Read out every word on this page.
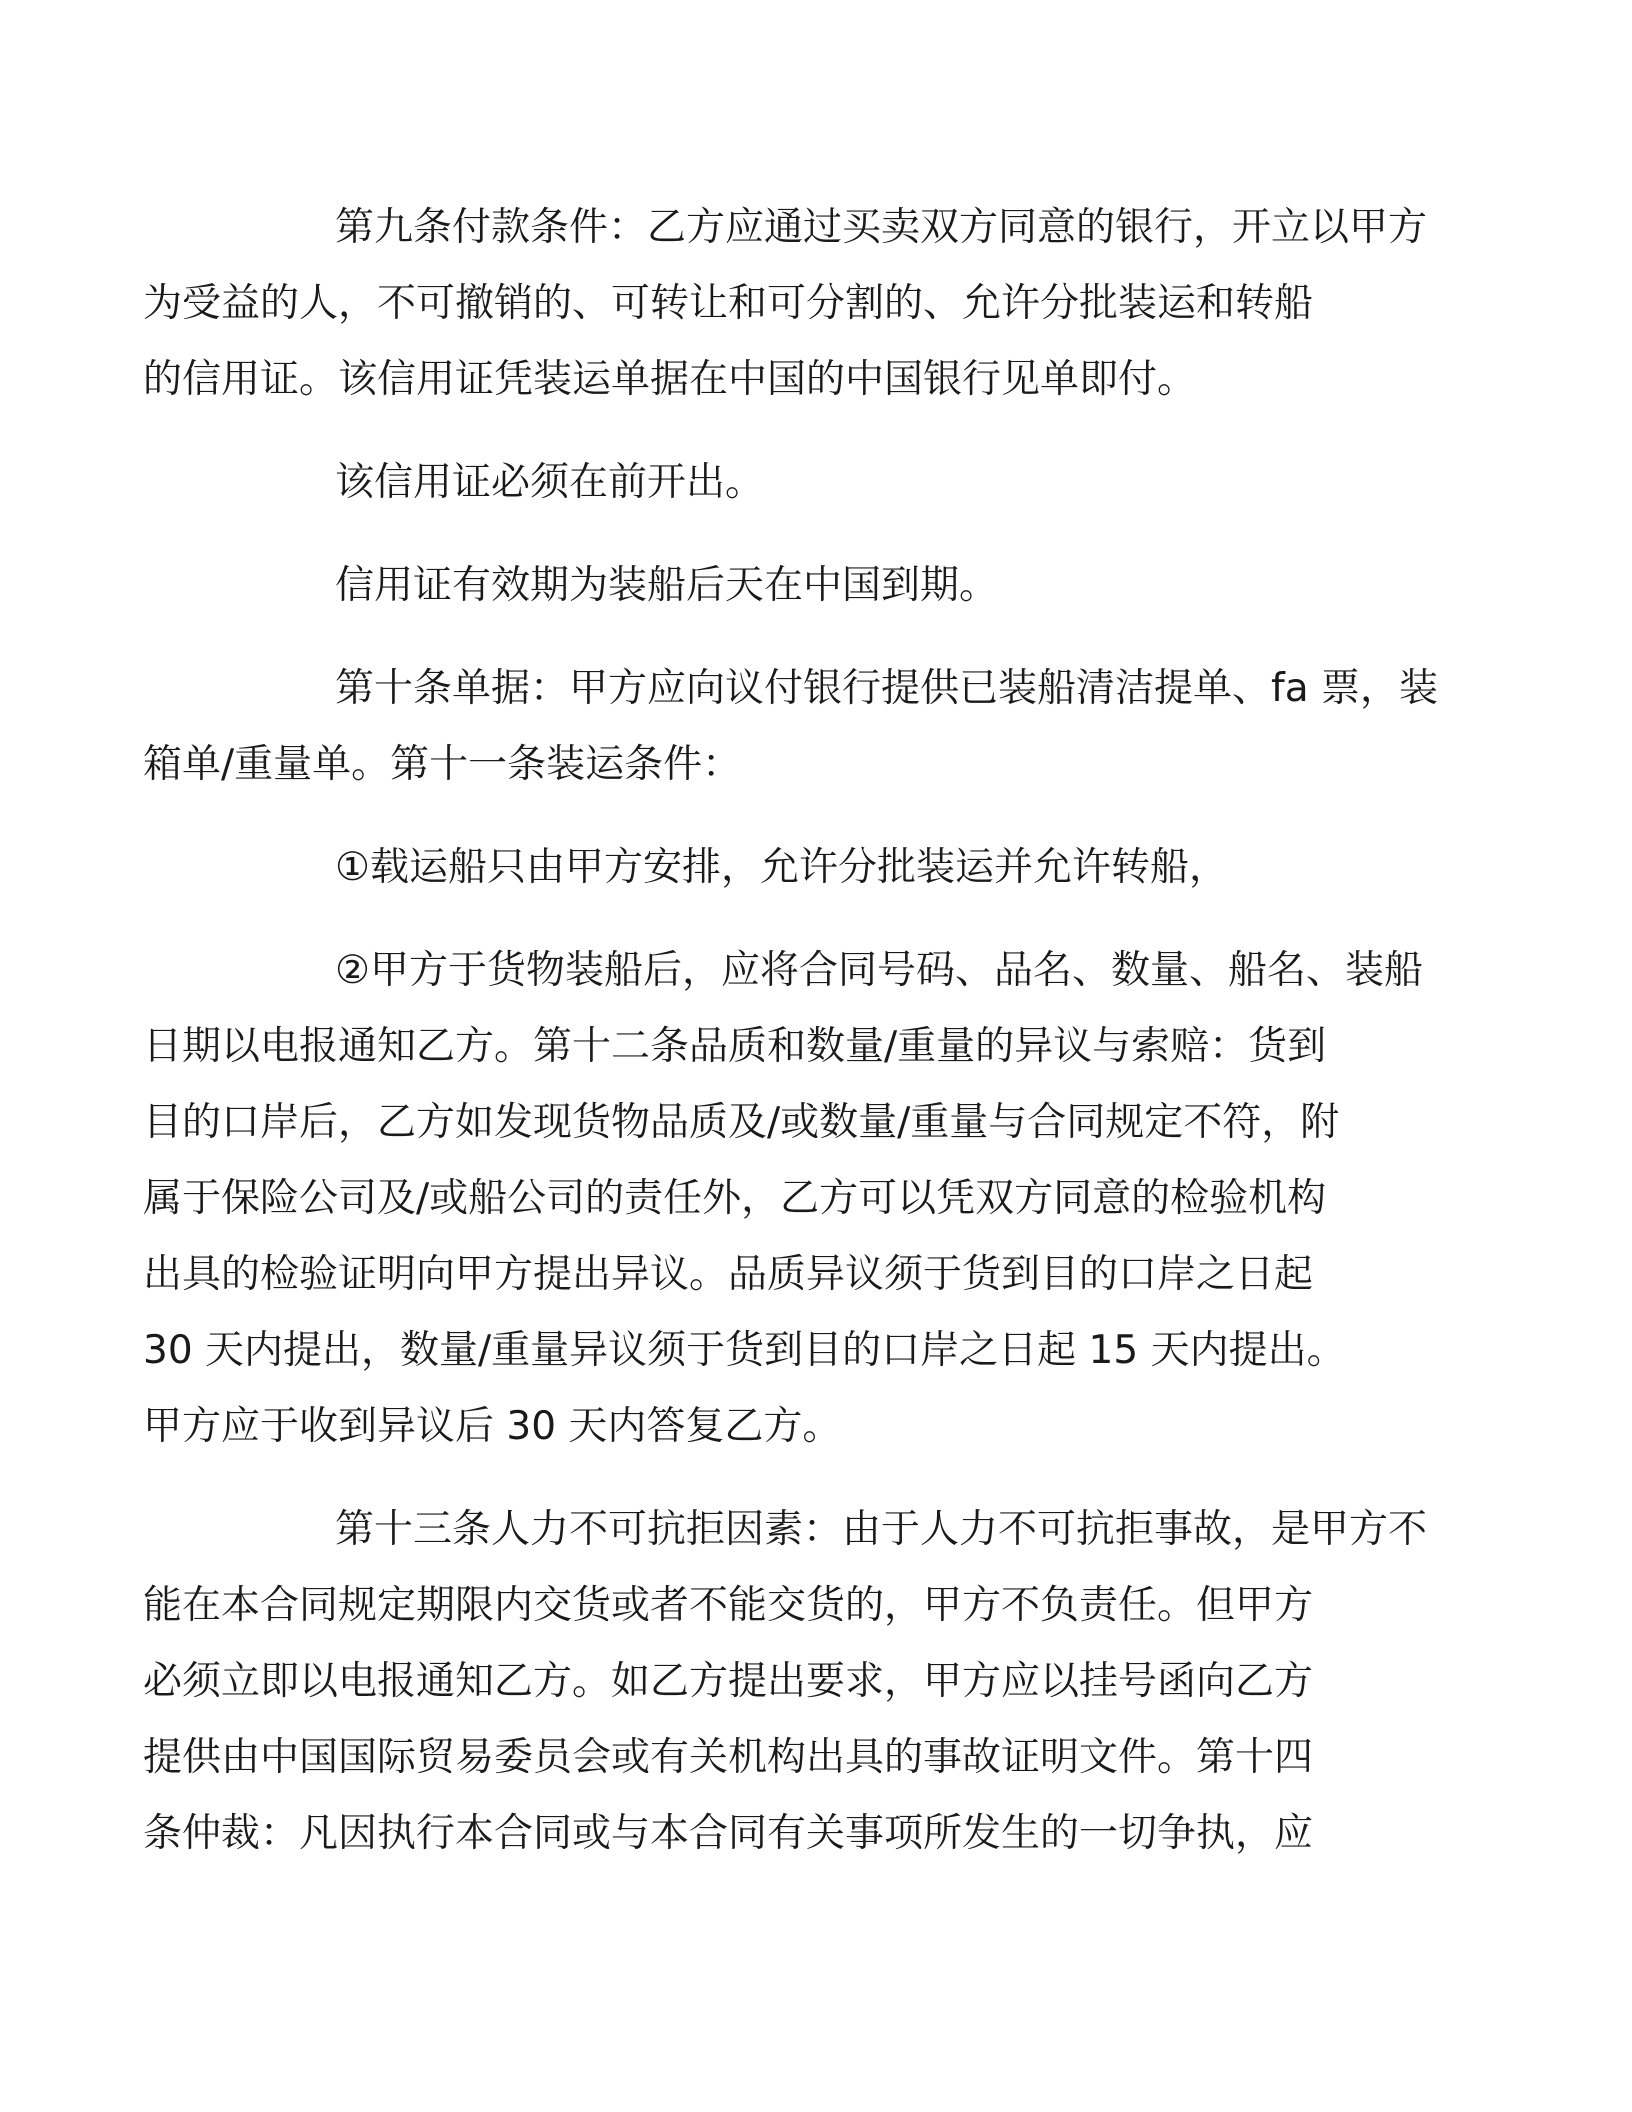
第九条付款条件：乙方应通过买卖双方同意的银行，开立以甲方
为受益的人，不可撤销的、可转让和可分割的、允许分批装运和转船
的信用证。该信用证凭装运单据在中国的中国银行见单即付。

该信用证必须在前开出。

信用证有效期为装船后天在中国到期。

第十条单据：甲方应向议付银行提供已装船清洁提单、fa 票，装
箱单/重量单。第十一条装运条件：

①载运船只由甲方安排，允许分批装运并允许转船，

②甲方于货物装船后，应将合同号码、品名、数量、船名、装船
日期以电报通知乙方。第十二条品质和数量/重量的异议与索赔：货到
目的口岸后，乙方如发现货物品质及/或数量/重量与合同规定不符，附
属于保险公司及/或船公司的责任外，乙方可以凭双方同意的检验机构
出具的检验证明向甲方提出异议。品质异议须于货到目的口岸之日起
30 天内提出，数量/重量异议须于货到目的口岸之日起 15 天内提出。
甲方应于收到异议后 30 天内答复乙方。

第十三条人力不可抗拒因素：由于人力不可抗拒事故，是甲方不
能在本合同规定期限内交货或者不能交货的，甲方不负责任。但甲方
必须立即以电报通知乙方。如乙方提出要求，甲方应以挂号函向乙方
提供由中国国际贸易委员会或有关机构出具的事故证明文件。第十四
条仲裁：凡因执行本合同或与本合同有关事项所发生的一切争执，应
